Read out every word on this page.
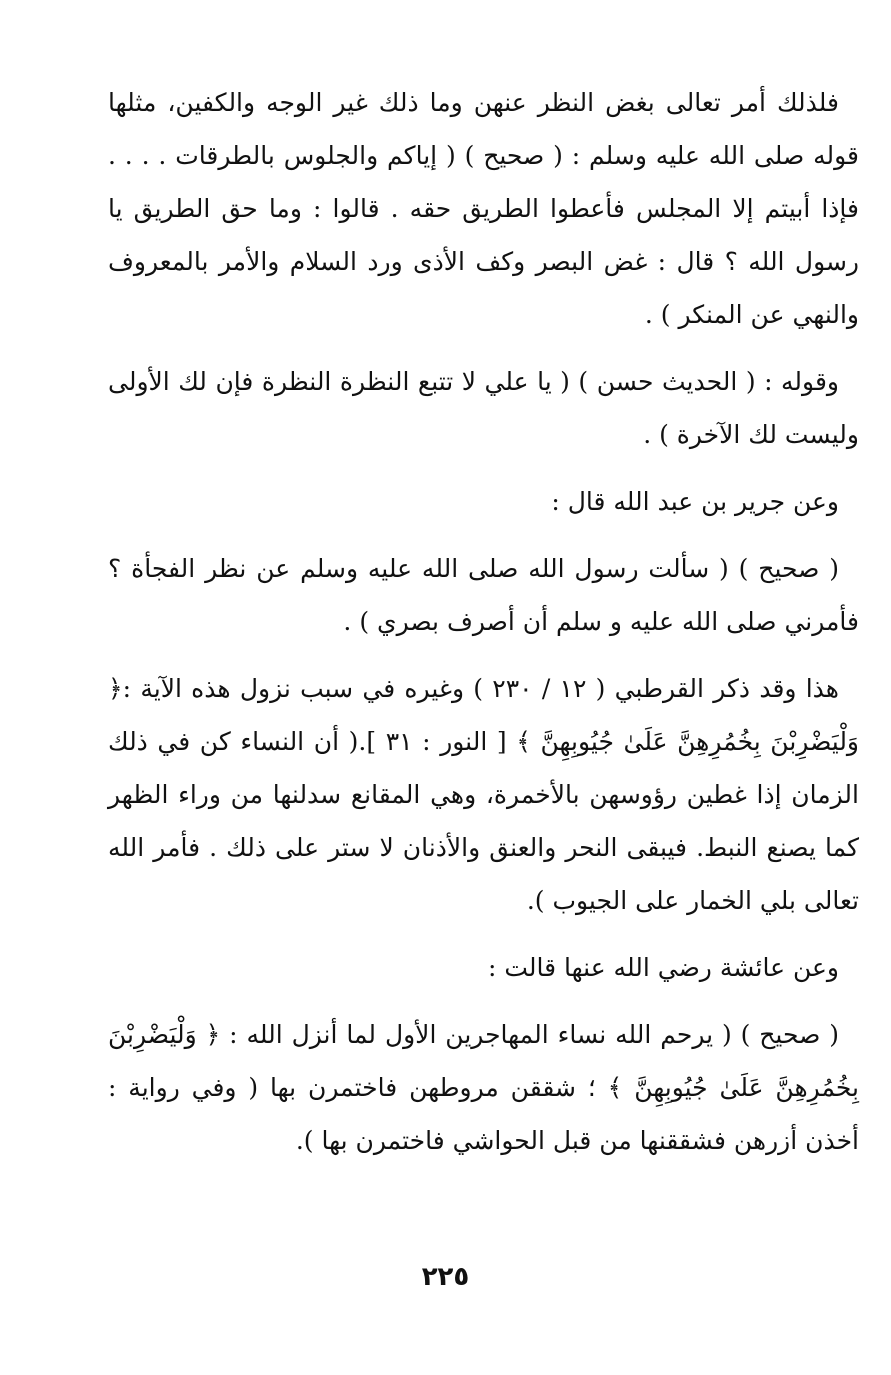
فلذلك أمر تعالى بغض النظر عنهن وما ذلك غير الوجه والكفين، مثلها قوله صلى الله عليه وسلم : ( صحيح ) ( إياكم والجلوس بالطرقات . . . . فإذا أبيتم إلا المجلس فأعطوا الطريق حقه . قالوا : وما حق الطريق يا رسول الله ؟ قال : غض البصر وكف الأذى ورد السلام والأمر بالمعروف والنهي عن المنكر ) .

وقوله : ( الحديث حسن ) ( يا علي لا تتبع النظرة النظرة فإن لك الأولى وليست لك الآخرة ) .

وعن جرير بن عبد الله قال :

( صحيح ) ( سألت رسول الله صلى الله عليه وسلم عن نظر الفجأة ؟ فأمرني صلى الله عليه و سلم أن أصرف بصري ) .

هذا وقد ذكر القرطبي ( ١٢ / ٢٣٠ ) وغيره في سبب نزول هذه الآية :﴿ وَلْيَضْرِبْنَ بِخُمُرِهِنَّ عَلَىٰ جُيُوبِهِنَّ ﴾ [ النور : ٣١ ].( أن النساء كن في ذلك الزمان إذا غطين رؤوسهن بالأخمرة، وهي المقانع سدلنها من وراء الظهر كما يصنع النبط. فيبقى النحر والعنق والأذنان لا ستر على ذلك . فأمر الله تعالى بلي الخمار على الجيوب ).

وعن عائشة رضي الله عنها قالت :

( صحيح ) ( يرحم الله نساء المهاجرين الأول لما أنزل الله : ﴿ وَلْيَضْرِبْنَ بِخُمُرِهِنَّ عَلَىٰ جُيُوبِهِنَّ ﴾ ؛ شققن مروطهن فاختمرن بها ( وفي رواية : أخذن أزرهن فشققنها من قبل الحواشي فاختمرن بها ).

٢٢٥
